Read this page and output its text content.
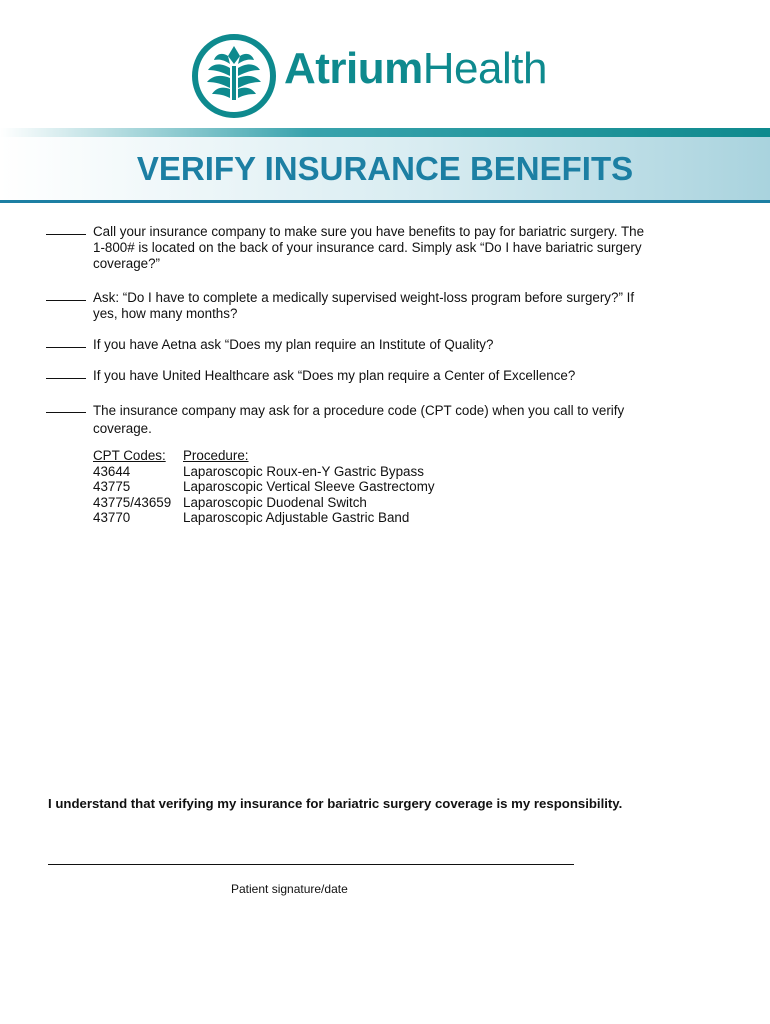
AtriumHealth
VERIFY INSURANCE BENEFITS
Call your insurance company to make sure you have benefits to pay for bariatric surgery. The
1-800# is located on the back of your insurance card. Simply ask “Do I have bariatric surgery
coverage?”
Ask: “Do I have to complete a medically supervised weight-loss program before surgery?” If
yes, how many months?
If you have Aetna ask “Does my plan require an Institute of Quality?
If you have United Healthcare ask “Does my plan require a Center of Excellence?
The insurance company may ask for a procedure code (CPT code) when you call to verify
coverage.
CPT Codes:
43644
43775
43775/43659
43770
Procedure:
Laparoscopic Roux-en-Y Gastric Bypass
Laparoscopic Vertical Sleeve Gastrectomy
Laparoscopic Duodenal Switch
Laparoscopic Adjustable Gastric Band
I understand that verifying my insurance for bariatric surgery coverage is my responsibility.
Patient signature/date
